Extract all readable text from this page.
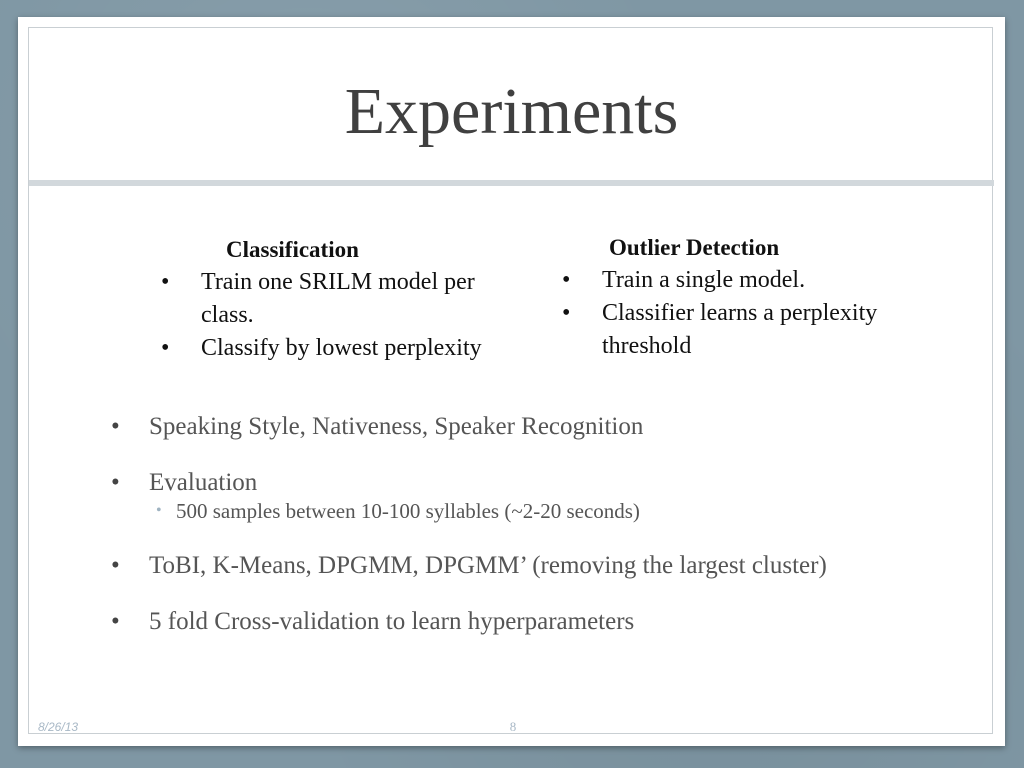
Experiments
Classification
• Train one SRILM model per class.
• Classify by lowest perplexity
Outlier Detection
• Train a single model.
• Classifier learns a perplexity threshold
• Speaking Style, Nativeness, Speaker Recognition
• Evaluation
• 500 samples between 10-100 syllables (~2-20 seconds)
• ToBI, K-Means, DPGMM, DPGMM’ (removing the largest cluster)
• 5 fold Cross-validation to learn hyperparameters
8/26/13	8
